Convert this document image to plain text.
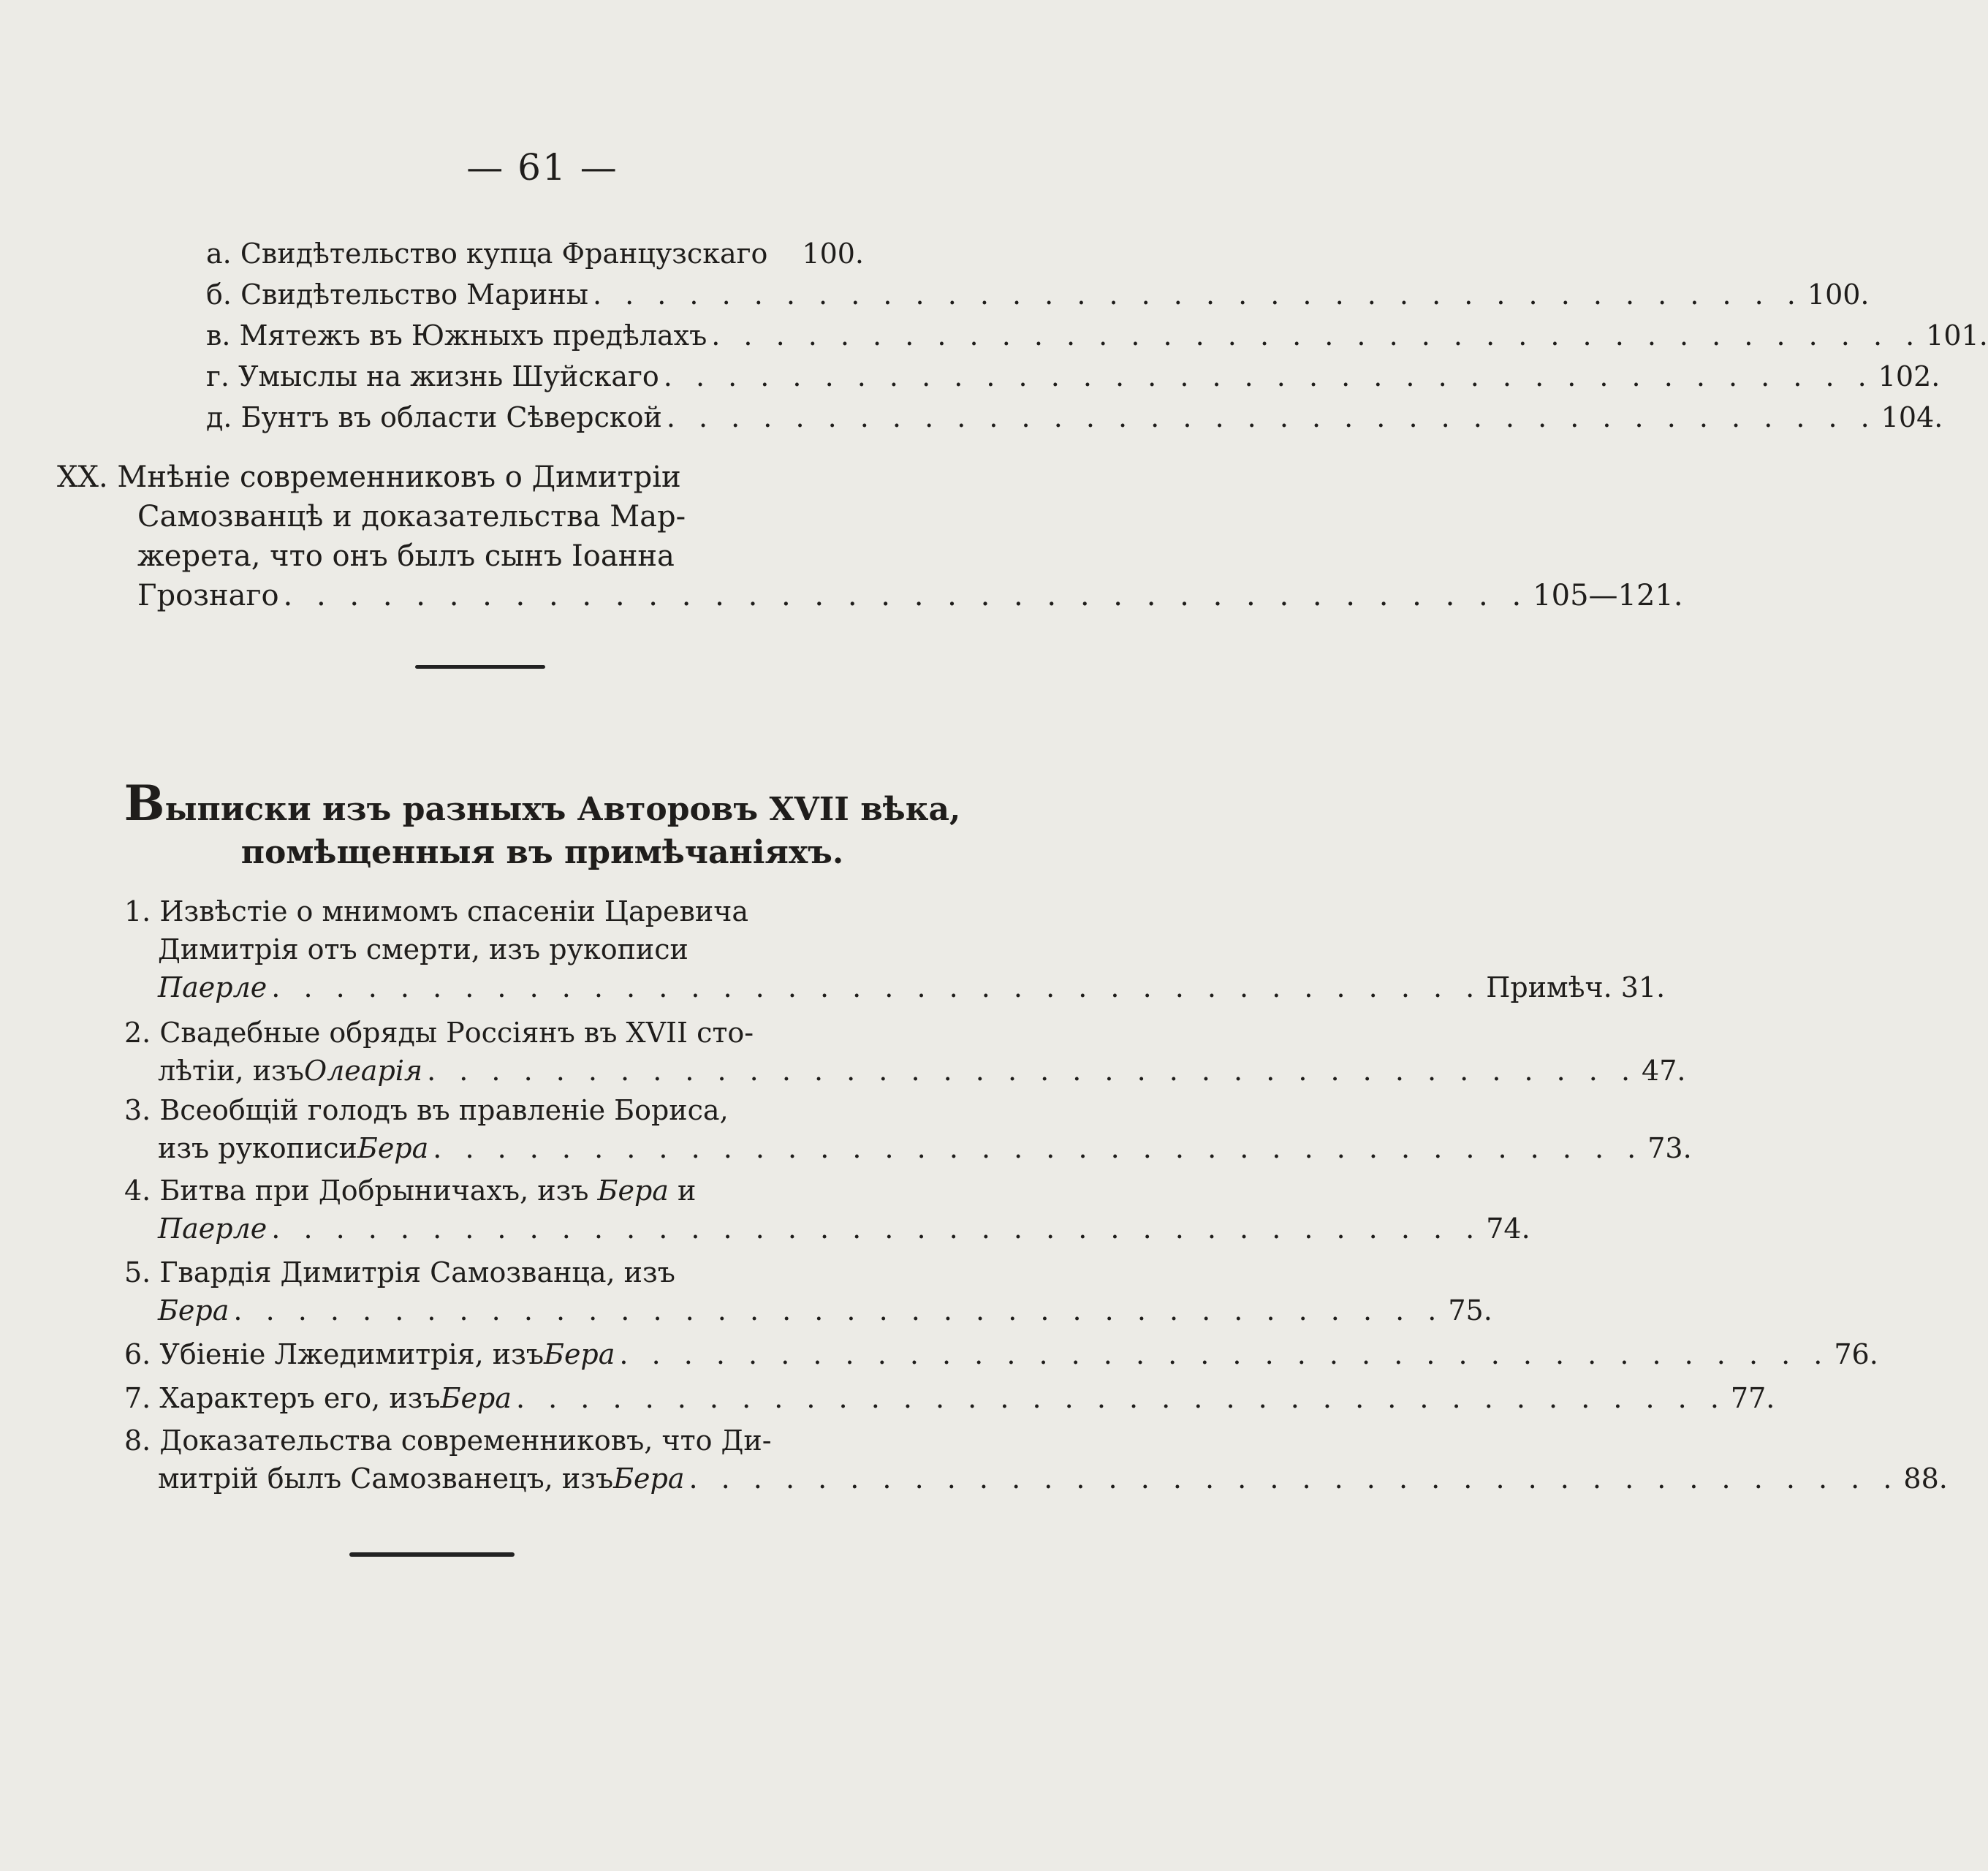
— 61 —
а.
Свидѣтельство купца Французскаго 100.
б.
Свидѣтельство Марины . . . . . . . . . . . . . . . . . . . . . . . . . . . . . . . . . . . . . . 100.
в.
Мятежъ въ Южныхъ предѣлахъ . . . . . . . . . . . . . . . . . . . . . . . . . . . . . . . . . . . . . . 101.
г.
Умыслы на жизнь Шуйскаго . . . . . . . . . . . . . . . . . . . . . . . . . . . . . . . . . . . . . . 102.
д.
Бунтъ въ области Сѣверской . . . . . . . . . . . . . . . . . . . . . . . . . . . . . . . . . . . . . . 104.
XX. Мнѣніе современниковъ о Димитріи
Самозванцѣ и доказательства Мар-
жерета, что онъ былъ сынъ Іоанна
Грознаго . . . . . . . . . . . . . . . . . . . . . . . . . . . . . . . . . . . . . . 105—121.
Выписки изъ разныхъ Авторовъ XVII вѣка,
помѣщенныя въ примѣчаніяхъ.
1. Извѣстіе о мнимомъ спасеніи Царевича
Димитрія отъ смерти, изъ рукописи
Паерле . . . . . . . . . . . . . . . . . . . . . . . . . . . . . . . . . . . . . . Примѣч. 31.
2. Свадебные обряды Россіянъ въ XVII сто-
лѣтіи, изъ Олеарія . . . . . . . . . . . . . . . . . . . . . . . . . . . . . . . . . . . . . . 47.
3. Всеобщій голодъ въ правленіе Бориса,
изъ рукописи Бера . . . . . . . . . . . . . . . . . . . . . . . . . . . . . . . . . . . . . . 73.
4. Битва при Добрыничахъ, изъ Бера и
Паерле . . . . . . . . . . . . . . . . . . . . . . . . . . . . . . . . . . . . . . 74.
5. Гвардія Димитрія Самозванца, изъ
Бера . . . . . . . . . . . . . . . . . . . . . . . . . . . . . . . . . . . . . . 75.
6.
Убіеніе Лжедимитрія, изъ Бера . . . . . . . . . . . . . . . . . . . . . . . . . . . . . . . . . . . . . . 76.
7.
Характеръ его, изъ Бера . . . . . . . . . . . . . . . . . . . . . . . . . . . . . . . . . . . . . . 77.
8. Доказательства современниковъ, что Ди-
митрій былъ Самозванецъ, изъ Бера . . . . . . . . . . . . . . . . . . . . . . . . . . . . . . . . . . . . . . 88.
